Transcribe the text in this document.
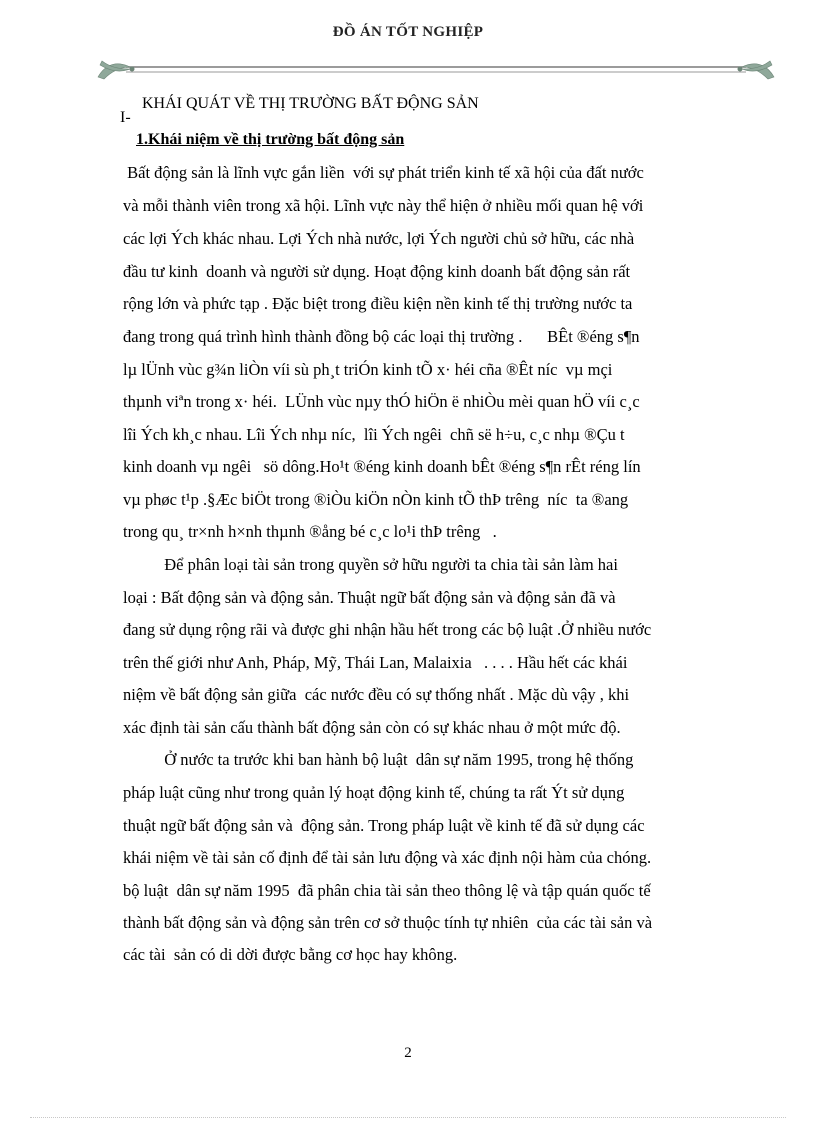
ĐỒ ÁN TỐT NGHIỆP
I-
KHÁI QUÁT VỀ THỊ TRƯỜNG BẤT ĐỘNG SẢN
1.Khái niệm về thị trường bất động sản
Bất động sản là lĩnh vực gắn liền  với sự phát triển kinh tế xã hội của đất nước
và mỗi thành viên trong xã hội. Lĩnh vực này thể hiện ở nhiều mối quan hệ với
các lợi Ých khác nhau. Lợi Ých nhà nước, lợi Ých người chủ sở hữu, các nhà
đầu tư kinh  doanh và người sử dụng. Hoạt động kinh doanh bất động sản rất
rộng lớn và phức tạp . Đặc biệt trong điều kiện nền kinh tế thị trường nước ta
đang trong quá trình hình thành đồng bộ các loại thị trường .      BÊt ®éng s¶n
lµ lÜnh vùc g¾n liÒn víi sù ph¸t triÓn kinh tÕ x· héi cña ®Êt níc  vµ mçi
thµnh viªn trong x· héi.  LÜnh vùc nµy thÓ hiÖn ë nhiÒu mèi quan hÖ víi c¸c
lîi Ých kh¸c nhau. Lîi Ých nhµ níc,  lîi Ých ngêi  chñ së h÷u, c¸c nhµ ®Çu t
kinh doanh vµ ngêi   sö dông.Ho¹t ®éng kinh doanh bÊt ®éng s¶n rÊt réng lín
vµ phøc t¹p .§Æc biÖt trong ®iÒu kiÖn nÒn kinh tÕ thÞ trêng  níc  ta ®ang
trong qu¸ tr×nh h×nh thµnh ®ång bé c¸c lo¹i thÞ trêng   .
Để phân loại tài sản trong quyền sở hữu người ta chia tài sản làm hai
loại : Bất động sản và động sản. Thuật ngữ bất động sản và động sản đã và
đang sử dụng rộng rãi và được ghi nhận hầu hết trong các bộ luật .Ở nhiều nước
trên thế giới như Anh, Pháp, Mỹ, Thái Lan, Malaixia   . . . . Hầu hết các khái
niệm về bất động sản giữa  các nước đều có sự thống nhất . Mặc dù vậy , khi
xác định tài sản cấu thành bất động sản còn có sự khác nhau ở một mức độ.
Ở nước ta trước khi ban hành bộ luật  dân sự năm 1995, trong hệ thống
pháp luật cũng như trong quản lý hoạt động kinh tế, chúng ta rất Ýt sử dụng
thuật ngữ bất động sản và  động sản. Trong pháp luật về kinh tế đã sử dụng các
khái niệm về tài sản cố định để tài sản lưu động và xác định nội hàm của chóng.
bộ luật  dân sự năm 1995  đã phân chia tài sản theo thông lệ và tập quán quốc tế
thành bất động sản và động sản trên cơ sở thuộc tính tự nhiên  của các tài sản và
các tài  sản có di dời được bằng cơ học hay không.
2
